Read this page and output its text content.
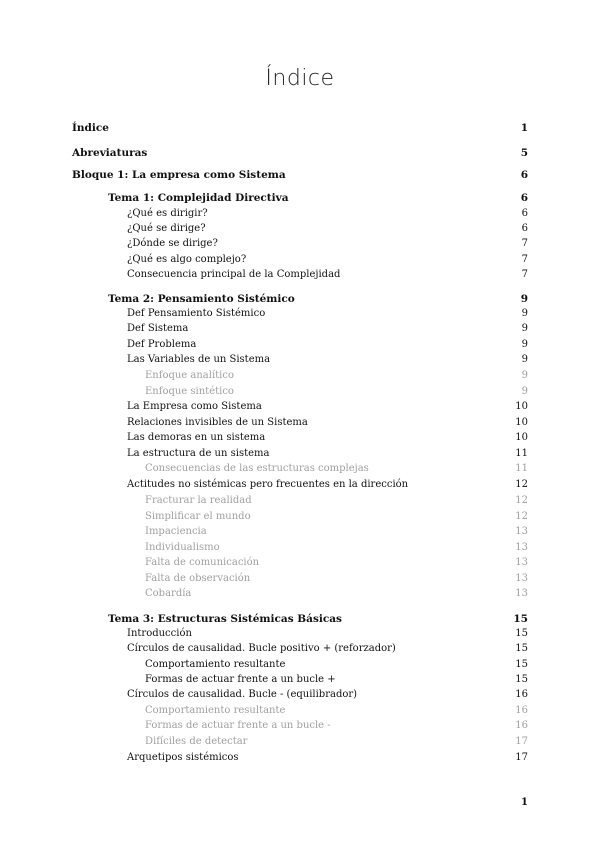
Índice
Índice	1
Abreviaturas	5
Bloque 1: La empresa como Sistema	6
Tema 1: Complejidad Directiva	6
¿Qué es dirigir?	6
¿Qué se dirige?	6
¿Dónde se dirige?	7
¿Qué es algo complejo?	7
Consecuencia principal de la Complejidad	7
Tema 2: Pensamiento Sistémico	9
Def Pensamiento Sistémico	9
Def Sistema	9
Def Problema	9
Las Variables de un Sistema	9
Enfoque analítico	9
Enfoque sintético	9
La Empresa como Sistema	10
Relaciones invisibles de un Sistema	10
Las demoras en un sistema	10
La estructura de un sistema	11
Consecuencias de las estructuras complejas	11
Actitudes no sistémicas pero frecuentes en la dirección	12
Fracturar la realidad	12
Simplificar el mundo	12
Impaciencia	13
Individualismo	13
Falta de comunicación	13
Falta de observación	13
Cobardía	13
Tema 3: Estructuras Sistémicas Básicas	15
Introducción	15
Círculos de causalidad. Bucle positivo + (reforzador)	15
Comportamiento resultante	15
Formas de actuar frente a un bucle +	15
Círculos de causalidad. Bucle - (equilibrador)	16
Comportamiento resultante	16
Formas de actuar frente a un bucle -	16
Difíciles de detectar	17
Arquetipos sistémicos	17
1
